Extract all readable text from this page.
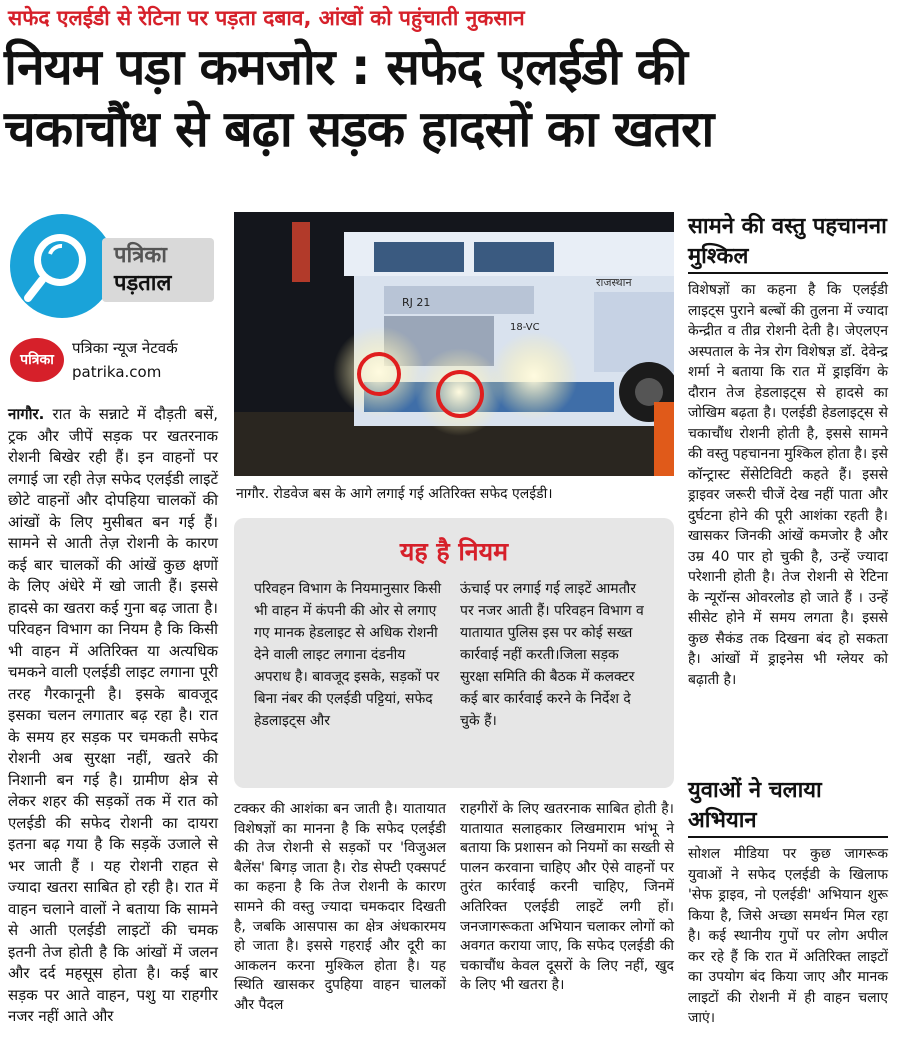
सफेद एलईडी से रेटिना पर पड़ता दबाव, आंखों को पहुंचाती नुकसान
नियम पड़ा कमजोर : सफेद एलईडी की
चकाचौंध से बढ़ा सड़क हादसों का खतरा
पत्रिका
पड़ताल
पत्रिका
पत्रिका न्यूज नेटवर्क
patrika.com
नागौर. रात के सन्नाटे में दौड़ती बसें, ट्रक और जीपें सड़क पर खतरनाक रोशनी बिखेर रही हैं। इन वाहनों पर लगाई जा रही तेज़ सफेद एलईडी लाइटें छोटे वाहनों और दोपहिया चालकों की आंखों के लिए मुसीबत बन गई हैं। सामने से आती तेज़ रोशनी के कारण कई बार चालकों की आंखें कुछ क्षणों के लिए अंधेरे में खो जाती हैं। इससे हादसे का खतरा कई गुना बढ़ जाता है। परिवहन विभाग का नियम है कि किसी भी वाहन में अतिरिक्त या अत्यधिक चमकने वाली एलईडी लाइट लगाना पूरी तरह गैरकानूनी है। इसके बावजूद इसका चलन लगातार बढ़ रहा है। रात के समय हर सड़क पर चमकती सफेद रोशनी अब सुरक्षा नहीं, खतरे की निशानी बन गई है। ग्रामीण क्षेत्र से लेकर शहर की सड़कों तक में रात को एलईडी की सफेद रोशनी का दायरा इतना बढ़ गया है कि सड़कें उजाले से भर जाती हैं । यह रोशनी राहत से ज्यादा खतरा साबित हो रही है। रात में वाहन चलाने वालों ने बताया कि सामने से आती एलईडी लाइटों की चमक इतनी तेज होती है कि आंखों में जलन और दर्द महसूस होता है। कई बार सड़क पर आते वाहन, पशु या राहगीर नजर नहीं आते और
RJ 21
राजस्थान
18-VC
नागौर. रोडवेज बस के आगे लगाई गई अतिरिक्त सफेद एलईडी।
यह है नियम
परिवहन विभाग के नियमानुसार किसी भी वाहन में कंपनी की ओर से लगाए गए मानक हेडलाइट से अधिक रोशनी देने वाली लाइट लगाना दंडनीय अपराध है। बावजूद इसके, सड़कों पर बिना नंबर की एलईडी पट्टियां, सफेद हेडलाइट्स और
ऊंचाई पर लगाई गई लाइटें आमतौर पर नजर आती हैं। परिवहन विभाग व यातायात पुलिस इस पर कोई सख्त कार्रवाई नहीं करती।जिला सड़क सुरक्षा समिति की बैठक में कलक्टर कई बार कार्रवाई करने के निर्देश दे चुके हैं।
टक्कर की आशंका बन जाती है। यातायात विशेषज्ञों का मानना है कि सफेद एलईडी की तेज रोशनी से सड़कों पर 'विजुअल बैलेंस' बिगड़ जाता है। रोड सेफ्टी एक्सपर्ट का कहना है कि तेज रोशनी के कारण सामने की वस्तु ज्यादा चमकदार दिखती है, जबकि आसपास का क्षेत्र अंधकारमय हो जाता है। इससे गहराई और दूरी का आकलन करना मुश्किल होता है। यह स्थिति खासकर दुपहिया वाहन चालकों और पैदल
राहगीरों के लिए खतरनाक साबित होती है। यातायात सलाहकार लिखमाराम भांभू ने बताया कि प्रशासन को नियमों का सख्ती से पालन करवाना चाहिए और ऐसे वाहनों पर तुरंत कार्रवाई करनी चाहिए, जिनमें अतिरिक्त एलईडी लाइटें लगी हों। जनजागरूकता अभियान चलाकर लोगों को अवगत कराया जाए, कि सफेद एलईडी की चकाचौंध केवल दूसरों के लिए नहीं, खुद के लिए भी खतरा है।
सामने की वस्तु पहचानना मुश्किल
विशेषज्ञों का कहना है कि एलईडी लाइट्स पुराने बल्बों की तुलना में ज्यादा केन्द्रीत व तीव्र रोशनी देती है। जेएलएन अस्पताल के नेत्र रोग विशेषज्ञ डॉ. देवेन्द्र शर्मा ने बताया कि रात में ड्राइविंग के दौरान तेज हेडलाइट्स से हादसे का जोखिम बढ़ता है। एलईडी हेडलाइट्स से चकाचौंध रोशनी होती है, इससे सामने की वस्तु पहचानना मुश्किल होता है। इसे कॉन्ट्रास्ट सेंसेटिविटी कहते हैं। इससे ड्राइवर जरूरी चीजें देख नहीं पाता और दुर्घटना होने की पूरी आशंका रहती है। खासकर जिनकी आंखें कमजोर है और उम्र 40 पार हो चुकी है, उन्हें ज्यादा परेशानी होती है। तेज रोशनी से रेटिना के न्यूरॉन्स ओवरलोड हो जाते हैं । उन्हें सीसेट होने में समय लगता है। इससे कुछ सैकंड तक दिखना बंद हो सकता है। आंखों में ड्राइनेस भी ग्लेयर को बढ़ाती है।
युवाओं ने चलाया अभियान
सोशल मीडिया पर कुछ जागरूक युवाओं ने सफेद एलईडी के खिलाफ 'सेफ ड्राइव, नो एलईडी' अभियान शुरू किया है, जिसे अच्छा समर्थन मिल रहा है। कई स्थानीय गुपों पर लोग अपील कर रहे हैं कि रात में अतिरिक्त लाइटों का उपयोग बंद किया जाए और मानक लाइटों की रोशनी में ही वाहन चलाए जाएं।
